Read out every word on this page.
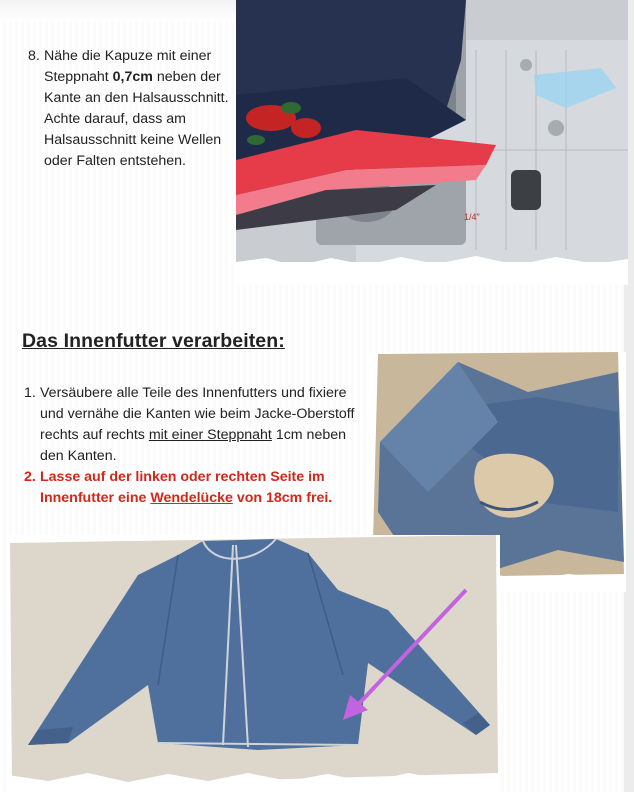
1/4"
8. Nähe die Kapuze mit einer Steppnaht 0,7cm neben der Kante an den Halsausschnitt. Achte darauf, dass am Halsausschnitt keine Wellen oder Falten entstehen.
Das Innenfutter verarbeiten:
1. Versäubere alle Teile des Innenfutters und fixiere und vernähe die Kanten wie beim Jacke-Oberstoff rechts auf rechts mit einer Steppnaht 1cm neben den Kanten.
2. Lasse auf der linken oder rechten Seite im Innenfutter eine Wendelücke von 18cm frei.
